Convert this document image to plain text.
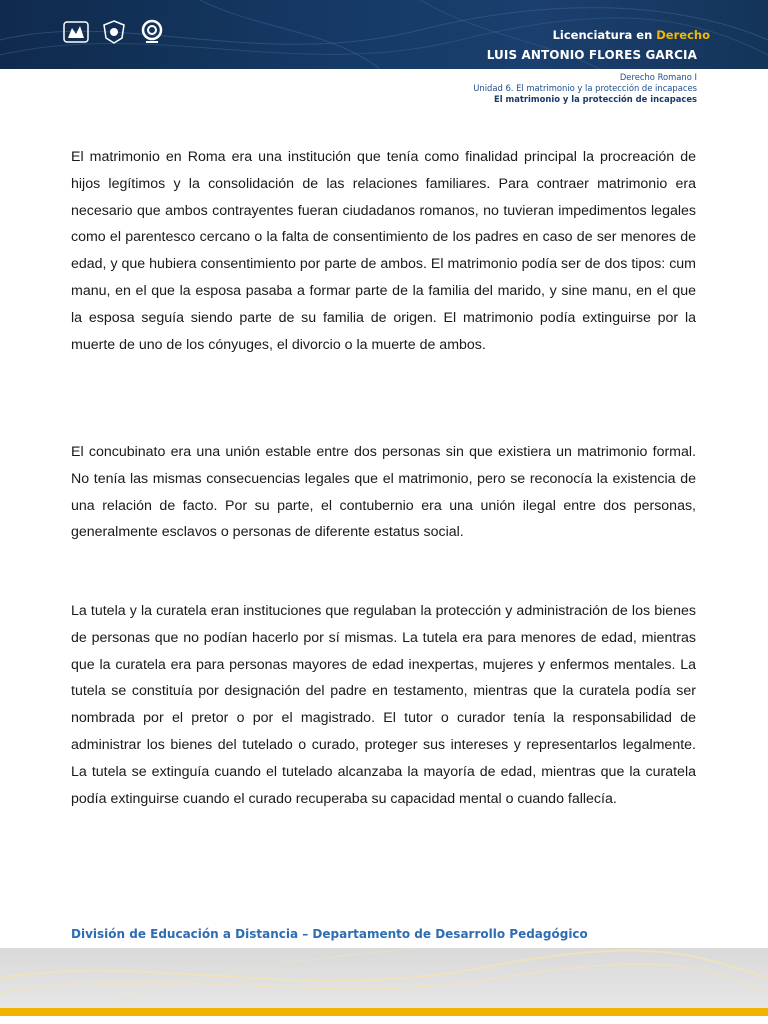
Licenciatura en Derecho
LUIS ANTONIO FLORES GARCIA
Derecho Romano I
Unidad 6. El matrimonio y la protección de incapaces
El matrimonio y la protección de incapaces

El matrimonio en Roma era una institución que tenía como finalidad principal la procreación de hijos legítimos y la consolidación de las relaciones familiares. Para contraer matrimonio era necesario que ambos contrayentes fueran ciudadanos romanos, no tuvieran impedimentos legales como el parentesco cercano o la falta de consentimiento de los padres en caso de ser menores de edad, y que hubiera consentimiento por parte de ambos. El matrimonio podía ser de dos tipos: cum manu, en el que la esposa pasaba a formar parte de la familia del marido, y sine manu, en el que la esposa seguía siendo parte de su familia de origen. El matrimonio podía extinguirse por la muerte de uno de los cónyuges, el divorcio o la muerte de ambos.

El concubinato era una unión estable entre dos personas sin que existiera un matrimonio formal. No tenía las mismas consecuencias legales que el matrimonio, pero se reconocía la existencia de una relación de facto. Por su parte, el contubernio era una unión ilegal entre dos personas, generalmente esclavos o personas de diferente estatus social.

La tutela y la curatela eran instituciones que regulaban la protección y administración de los bienes de personas que no podían hacerlo por sí mismas. La tutela era para menores de edad, mientras que la curatela era para personas mayores de edad inexpertas, mujeres y enfermos mentales. La tutela se constituía por designación del padre en testamento, mientras que la curatela podía ser nombrada por el pretor o por el magistrado. El tutor o curador tenía la responsabilidad de administrar los bienes del tutelado o curado, proteger sus intereses y representarlos legalmente. La tutela se extinguía cuando el tutelado alcanzaba la mayoría de edad, mientras que la curatela podía extinguirse cuando el curado recuperaba su capacidad mental o cuando fallecía.

División de Educación a Distancia – Departamento de Desarrollo Pedagógico
